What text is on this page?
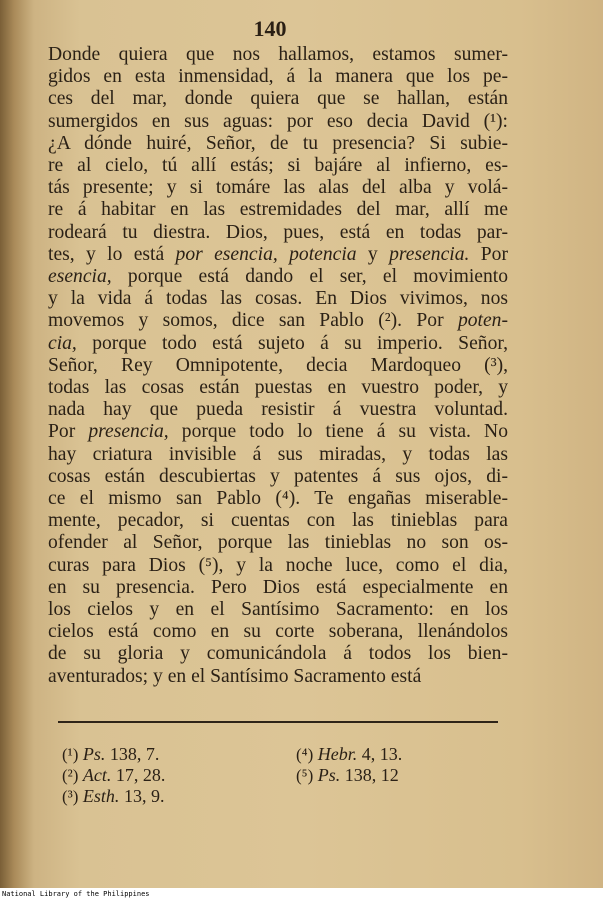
140
Donde quiera que nos hallamos, estamos sumer-
gidos en esta inmensidad, á la manera que los pe-
ces del mar, donde quiera que se hallan, están
sumergidos en sus aguas: por eso decia David (¹):
¿A dónde huiré, Señor, de tu presencia? Si subie-
re al cielo, tú allí estás; si bajáre al infierno, es-
tás presente; y si tomáre las alas del alba y volá-
re á habitar en las estremidades del mar, allí me
rodeará tu diestra. Dios, pues, está en todas par-
tes, y lo está por esencia, potencia y presencia. Por
esencia, porque está dando el ser, el movimiento
y la vida á todas las cosas. En Dios vivimos, nos
movemos y somos, dice san Pablo (²). Por poten-
cia, porque todo está sujeto á su imperio. Señor,
Señor, Rey Omnipotente, decia Mardoqueo (³),
todas las cosas están puestas en vuestro poder, y
nada hay que pueda resistir á vuestra voluntad.
Por presencia, porque todo lo tiene á su vista. No
hay criatura invisible á sus miradas, y todas las
cosas están descubiertas y patentes á sus ojos, di-
ce el mismo san Pablo (⁴). Te engañas miserable-
mente, pecador, si cuentas con las tinieblas para
ofender al Señor, porque las tinieblas no son os-
curas para Dios (⁵), y la noche luce, como el dia,
en su presencia. Pero Dios está especialmente en
los cielos y en el Santísimo Sacramento: en los
cielos está como en su corte soberana, llenándolos
de su gloria y comunicándola á todos los bien-
aventurados; y en el Santísimo Sacramento está
(¹) Ps. 138, 7.
(²) Act. 17, 28.
(³) Esth. 13, 9.
(⁴) Hebr. 4, 13.
(⁵) Ps. 138, 12
National Library of the Philippines
